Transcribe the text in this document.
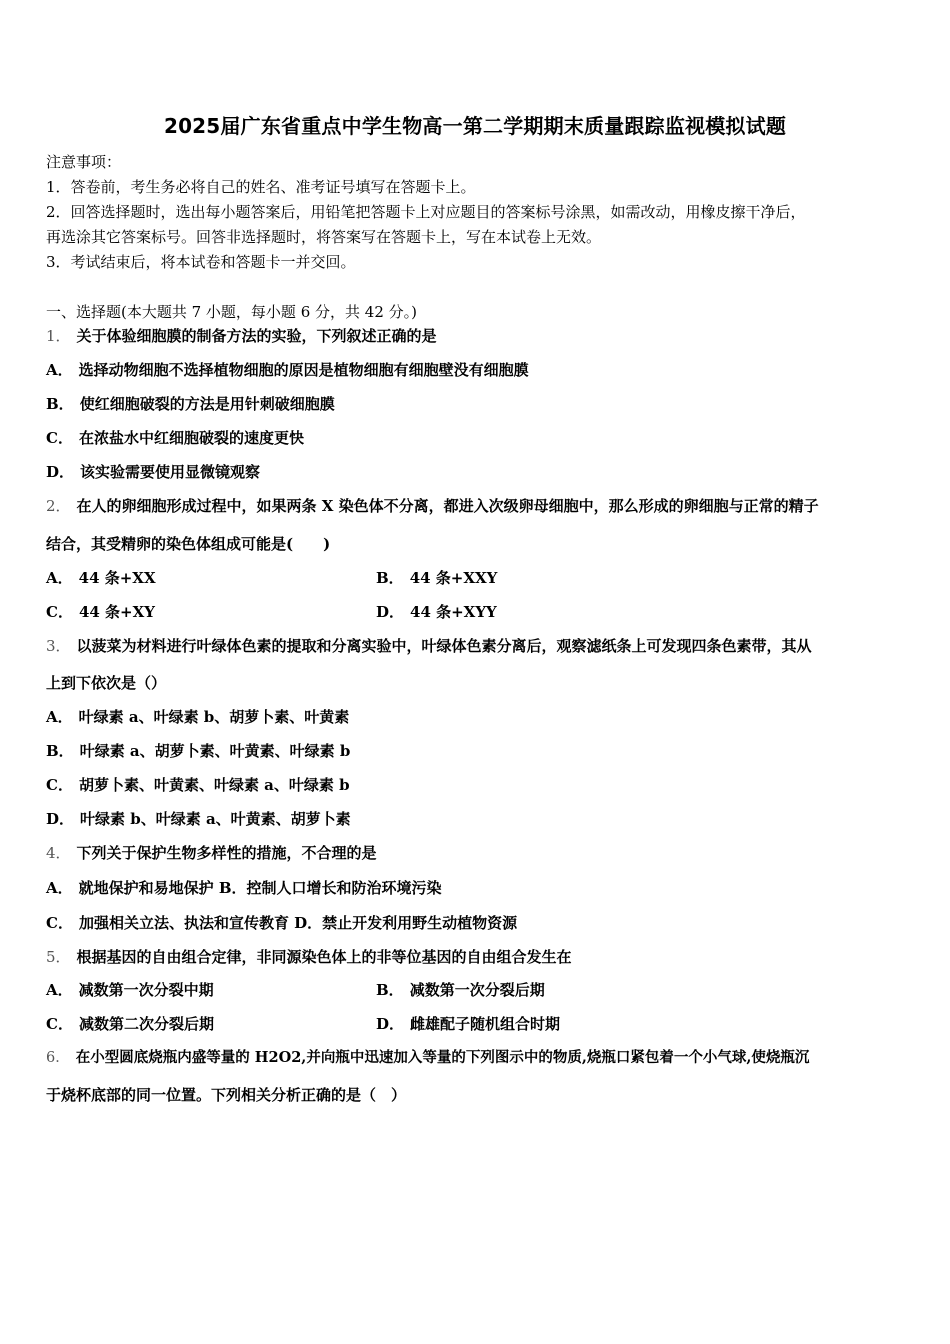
2025届广东省重点中学生物高一第二学期期末质量跟踪监视模拟试题
注意事项：
1．答卷前，考生务必将自己的姓名、准考证号填写在答题卡上。
2．回答选择题时，选出每小题答案后，用铅笔把答题卡上对应题目的答案标号涂黑，如需改动，用橡皮擦干净后，
再选涂其它答案标号。回答非选择题时，将答案写在答题卡上，写在本试卷上无效。
3．考试结束后，将本试卷和答题卡一并交回。
一、选择题(本大题共 7 小题，每小题 6 分，共 42 分。)
1． 关于体验细胞膜的制备方法的实验，下列叙述正确的是
A． 选择动物细胞不选择植物细胞的原因是植物细胞有细胞壁没有细胞膜
B． 使红细胞破裂的方法是用针刺破细胞膜
C． 在浓盐水中红细胞破裂的速度更快
D． 该实验需要使用显微镜观察
2． 在人的卵细胞形成过程中，如果两条 X 染色体不分离，都进入次级卵母细胞中，那么形成的卵细胞与正常的精子
结合，其受精卵的染色体组成可能是(　　)
A． 44 条+XX	B． 44 条+XXY
C． 44 条+XY	D． 44 条+XYY
3． 以菠菜为材料进行叶绿体色素的提取和分离实验中，叶绿体色素分离后，观察滤纸条上可发现四条色素带，其从
上到下依次是（）
A． 叶绿素 a、叶绿素 b、胡萝卜素、叶黄素
B． 叶绿素 a、胡萝卜素、叶黄素、叶绿素 b
C． 胡萝卜素、叶黄素、叶绿素 a、叶绿素 b
D． 叶绿素 b、叶绿素 a、叶黄素、胡萝卜素
4． 下列关于保护生物多样性的措施，不合理的是
A． 就地保护和易地保护 B．控制人口增长和防治环境污染
C． 加强相关立法、执法和宣传教育 D．禁止开发利用野生动植物资源
5． 根据基因的自由组合定律，非同源染色体上的非等位基因的自由组合发生在
A． 减数第一次分裂中期	B． 减数第一次分裂后期
C． 减数第二次分裂后期	D． 雌雄配子随机组合时期
6． 在小型圆底烧瓶内盛等量的 H2O2,并向瓶中迅速加入等量的下列图示中的物质,烧瓶口紧包着一个小气球,使烧瓶沉
于烧杯底部的同一位置。下列相关分析正确的是（　）
